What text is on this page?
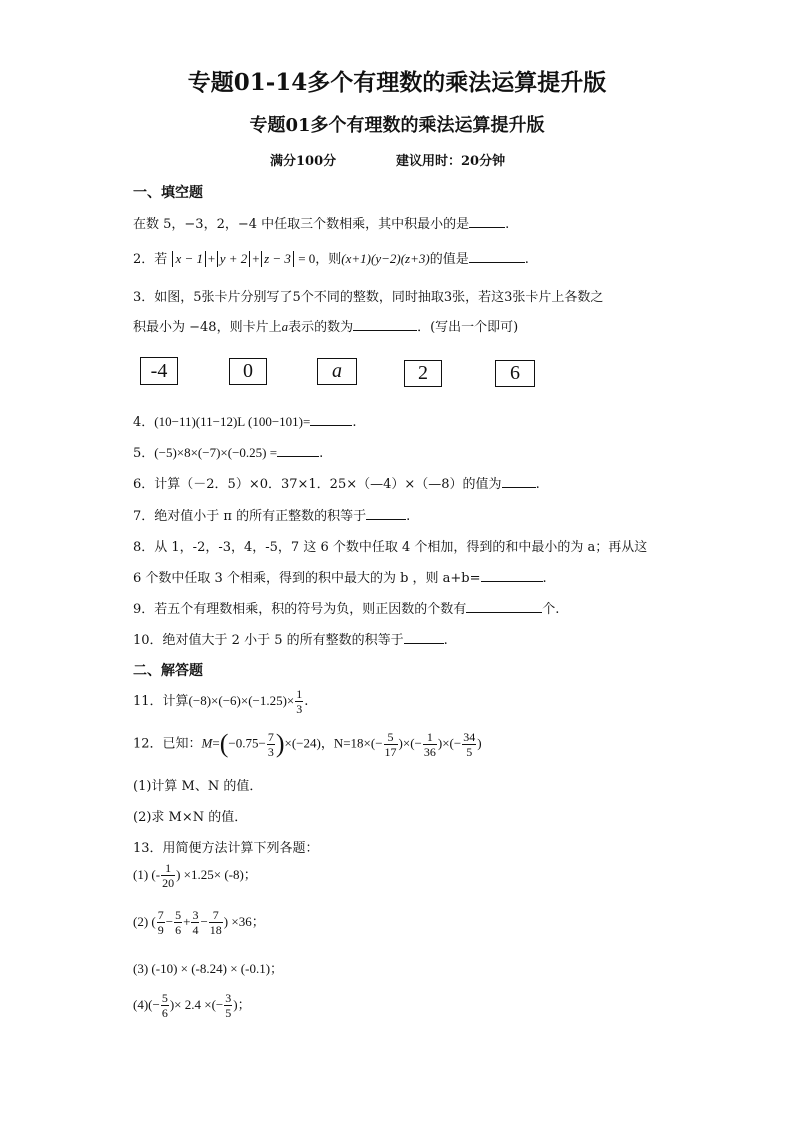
专题01-14多个有理数的乘法运算提升版
专题01多个有理数的乘法运算提升版
满分100分	建议用时：20分钟
一、填空题
在数 5，−3，2，−4 中任取三个数相乘，其中积最小的是	.
2．若 x − 1 + y + 2 + z − 3 = 0，则(x+1)(y−2)(z+3)的值是	.
3．如图，5张卡片分别写了5个不同的整数，同时抽取3张，若这3张卡片上各数之
积最小为 −48，则卡片上a表示的数为	．(写出一个即可)
-4	0	a	2	6
4．(10−11)(11−12)L (100−101)=	.
5．(−5)×8×(−7)×(−0.25) =	.
6．计算（－2．5）×0．37×1．25×（—4）×（—8）的值为	.
7．绝对值小于 π 的所有正整数的积等于	.
8．从 1，-2，-3，4，-5，7 这 6 个数中任取 4 个相加，得到的和中最小的为 a；再从这
6 个数中任取 3 个相乘，得到的积中最大的为 b ，则 a+b=	.
9．若五个有理数相乘，积的符号为负，则正因数的个数有	个.
10．绝对值大于 2 小于 5 的所有整数的积等于	.
二、解答题
11．计算$(-8)\times(-6)\times(-1.25)\times \frac{1}{3}$ .
12．已知：$M=(-0.75- \frac{7}{3} )\times(-24)$，$N=18\times(- \frac{5}{17}$ )×(− $\frac{1}{36}$ )×(− $\frac{34}{5}$ )
(1)计算 M、N 的值．
(2)求 M×N 的值．
13．用简便方法计算下列各题：
(1) (- $\frac{1}{20}$ ) ×1.25× (-8)；
(2) ( $\frac{7}{9} - \frac{5}{6} + \frac{3}{4} - \frac{7}{18}$ ) ×36；
(3) (-10) × (-8.24) × (-0.1)；
$(4)(- \frac{5}{6}$ )× 2.4 ×(− $\frac{3}{5}$ )；
